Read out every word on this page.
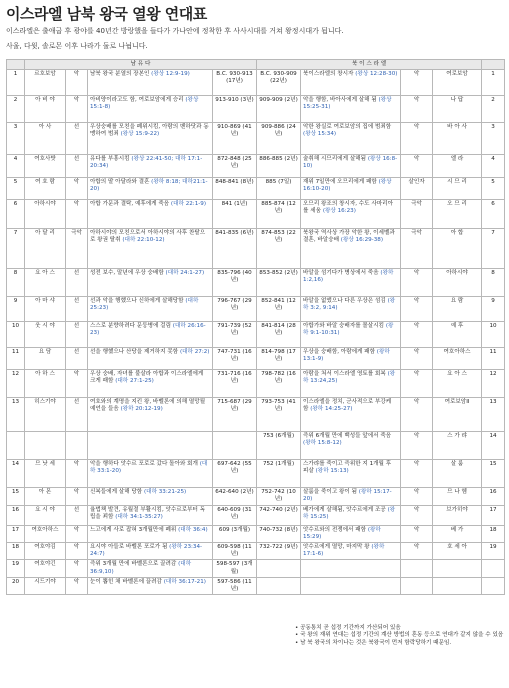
이스라엘 남북 왕국 열왕 연대표
이스라엘은 출애굽 후 광야를 40년간 방랑했을 들다가 가나안에 정착한 후 사사시대를 거쳐 왕정시대가 됩니다.
사울, 다윗, 솔로몬 이후 나라가 둘로 나뉩니다.
	남 유 다				북 이 스 라 엘				
1	르호보암	악	남북 왕국 분열의 장본인 (왕상 12:9-19)	B.C. 930-913 (17년)	B.C. 930-909 (22년)	북이스라엘의 창시자 (왕상 12:28-30)	악	여로보암	1
2	아 비 야	악	아비양이라고도 함, 여로보암에게 승리 (왕상 15:1-8)	913-910 (3년)	909-909 (2년)	악을 행함, 바아사에게 살해 됨 (왕상 15:25-31)	악	나 답	2
3	아 사	선	우상숭배를 모친을 폐위시킴, 아람의 벤하닷과 동맹하여 범죄 (왕상 15:9-22)	910-869 (41년)	909-886 (24년)	악한 왕실로 여로보암의 집에 범죄함 (왕상 15:34)	악	바 아 사	3
4	여호사밧	선	유다를 부흥시킴 (왕상 22:41-50; 대하 17:1-20:34)	872-848 (25년)	886-885 (2년)	술취해 시므리에게 살해됨 (왕상 16:8-10)	악	엘 라	4
5	여 호 람	악	아합의 딸 아달라와 결혼 (왕하 8:18; 대하21:1-20)	848-841 (8년)	885 (7일)	재위 7일만에 오므리에게 패함 (왕상 16:10-20)	살인자	시 므 리	5
6	아하시야	악	아합 가문과 결탁, 예후에게 죽음 (대하 22:1-9)	841 (1년)	885-874 (12년)	오므리 왕조의 창시자, 수도 사마리아를 세움 (왕상 16:23)	극악	오 므 리	6
7	아 달 리	극악	아하시야의 모친으로서 아하시야의 사후 찬탈으로 왕권 탈취 (대하 22:10-12)	841-835 (6년)	874-853 (22년)	북왕국 역사상 가장 악한 왕, 이세벨과 결혼, 바알숭배 (왕상 16:29-38)	극악	아 합	7
8	요 아 스	선	성전 보수, 말년에 우상 숭배함 (대하 24:1-27)	835-796 (40년)	853-852 (2년)	바알을 섬기다가 병상에서 죽음 (왕하 1:2,16)	악	아하시야	8
9	아 마 샤	선	선과 악을 행했으나 신하에게 살해당함 (대하 25:23)	796-767 (29년)	852-841 (12년)	바알을 없앴으나 다른 우상은 섬김 (왕하 3:2, 9:14)	악	요 람	9
10	웃 시 야	선	스스로 분향하려다 문둥병에 걸림 (대하 26:16-23)	791-739 (52년)	841-814 (28년)	아합가와 바알 숭배자를 몰살시킴 (왕하 9:1-10:31)	악	예 후	10
11	요 담	선	선을 행했으나 산당을 제거하지 못함 (대하 27:2)	747-731 (16년)	814-798 (17년)	우상을 숭배함, 아람에게 패함 (왕하 13:1-9)	악	여호아하스	11
12	아 하 스	악	우상 숭배, 자녀를 불살라 아합과 이스라엘에게 크게 패함 (대하 27:1-25)	731-716 (16년)	798-782 (16년)	아람을 쳐서 이스라엘 영토를 회복 (왕하 13:24,25)	악	요 아 스	12
13	히스기야	선	여호와의 계명을 지킨 왕, 바벨론에 의해 멸망될 예언을 들음 (왕하 20:12-19)	715-687 (29년)	793-753 (41년)	이스라엘을 정치, 군사적으로 부강케 함 (왕하 14:25-27)	악	여로보암II	13
					753 (6개월)	즉위 6개월 만에 백성들 앞에서 죽음 (왕하 15:8-12)	악	스 가 랴	14
14	므 낫 세	악	악을 행하다 앗수르 포로로 갔다 돌아와 회개 (대하 33:1-20)	697-642 (55년)	752 (1개월)	스가랴를 죽이고 즉위한 지 1개월 후 피살 (왕하 15:13)	악	살 룸	15
15	아 몬	악	신복들에게 살해 당함 (대하 33:21-25)	642-640 (2년)	752-742 (10년)	살룸을 죽이고 왕이 됨 (왕하 15:17-20)	악	므 나 헴	16
16	요 시 야	선	율법책 발견, 유월절 부활시킴, 앗수르로부터 독립을 꾀함 (대하 34:1-35:27)	640-609 (31년)	742-740 (2년)	베가에게 살해됨, 앗수르에게 조공 (왕하 15:25)	악	브가히야	17
17	여호아하스	악	느고에게 사로 잡혀 3개월만에 폐위 (대하 36:4)	609 (3개월)	740-732 (8년)	앗수르와의 전쟁에서 패함 (왕하 15:29)	악	베 가	18
18	여호야김	악	요시야 아들로 바벨론 포로가 됨 (왕하 23:34-24:7)	609-598 (11년)	732-722 (9년)	앗수르에게 멸망, 마지막 왕 (왕하 17:1-6)	악	호 세 아	19
19	여호야긴	악	즉위 3개월 만에 바벨론으로 끌려감 (대하 36:9,10)	598-597 (3개월)					
20	시드기야	악	눈이 뽑힌 채 바벨론에 끌려감 (대하 36:17-21)	597-586 (11년)					
• 공동통치 곧 섭정 기간까지 가산되어 있음
• 국 왕의 재위 연대는 섭정 기간의 계산 방법의 혼동 등으로 연대가 같지 않을 수 있음
• 남 북 왕국의 차이나는 것은 북왕국이 먼저 함락당하기 때문임.
